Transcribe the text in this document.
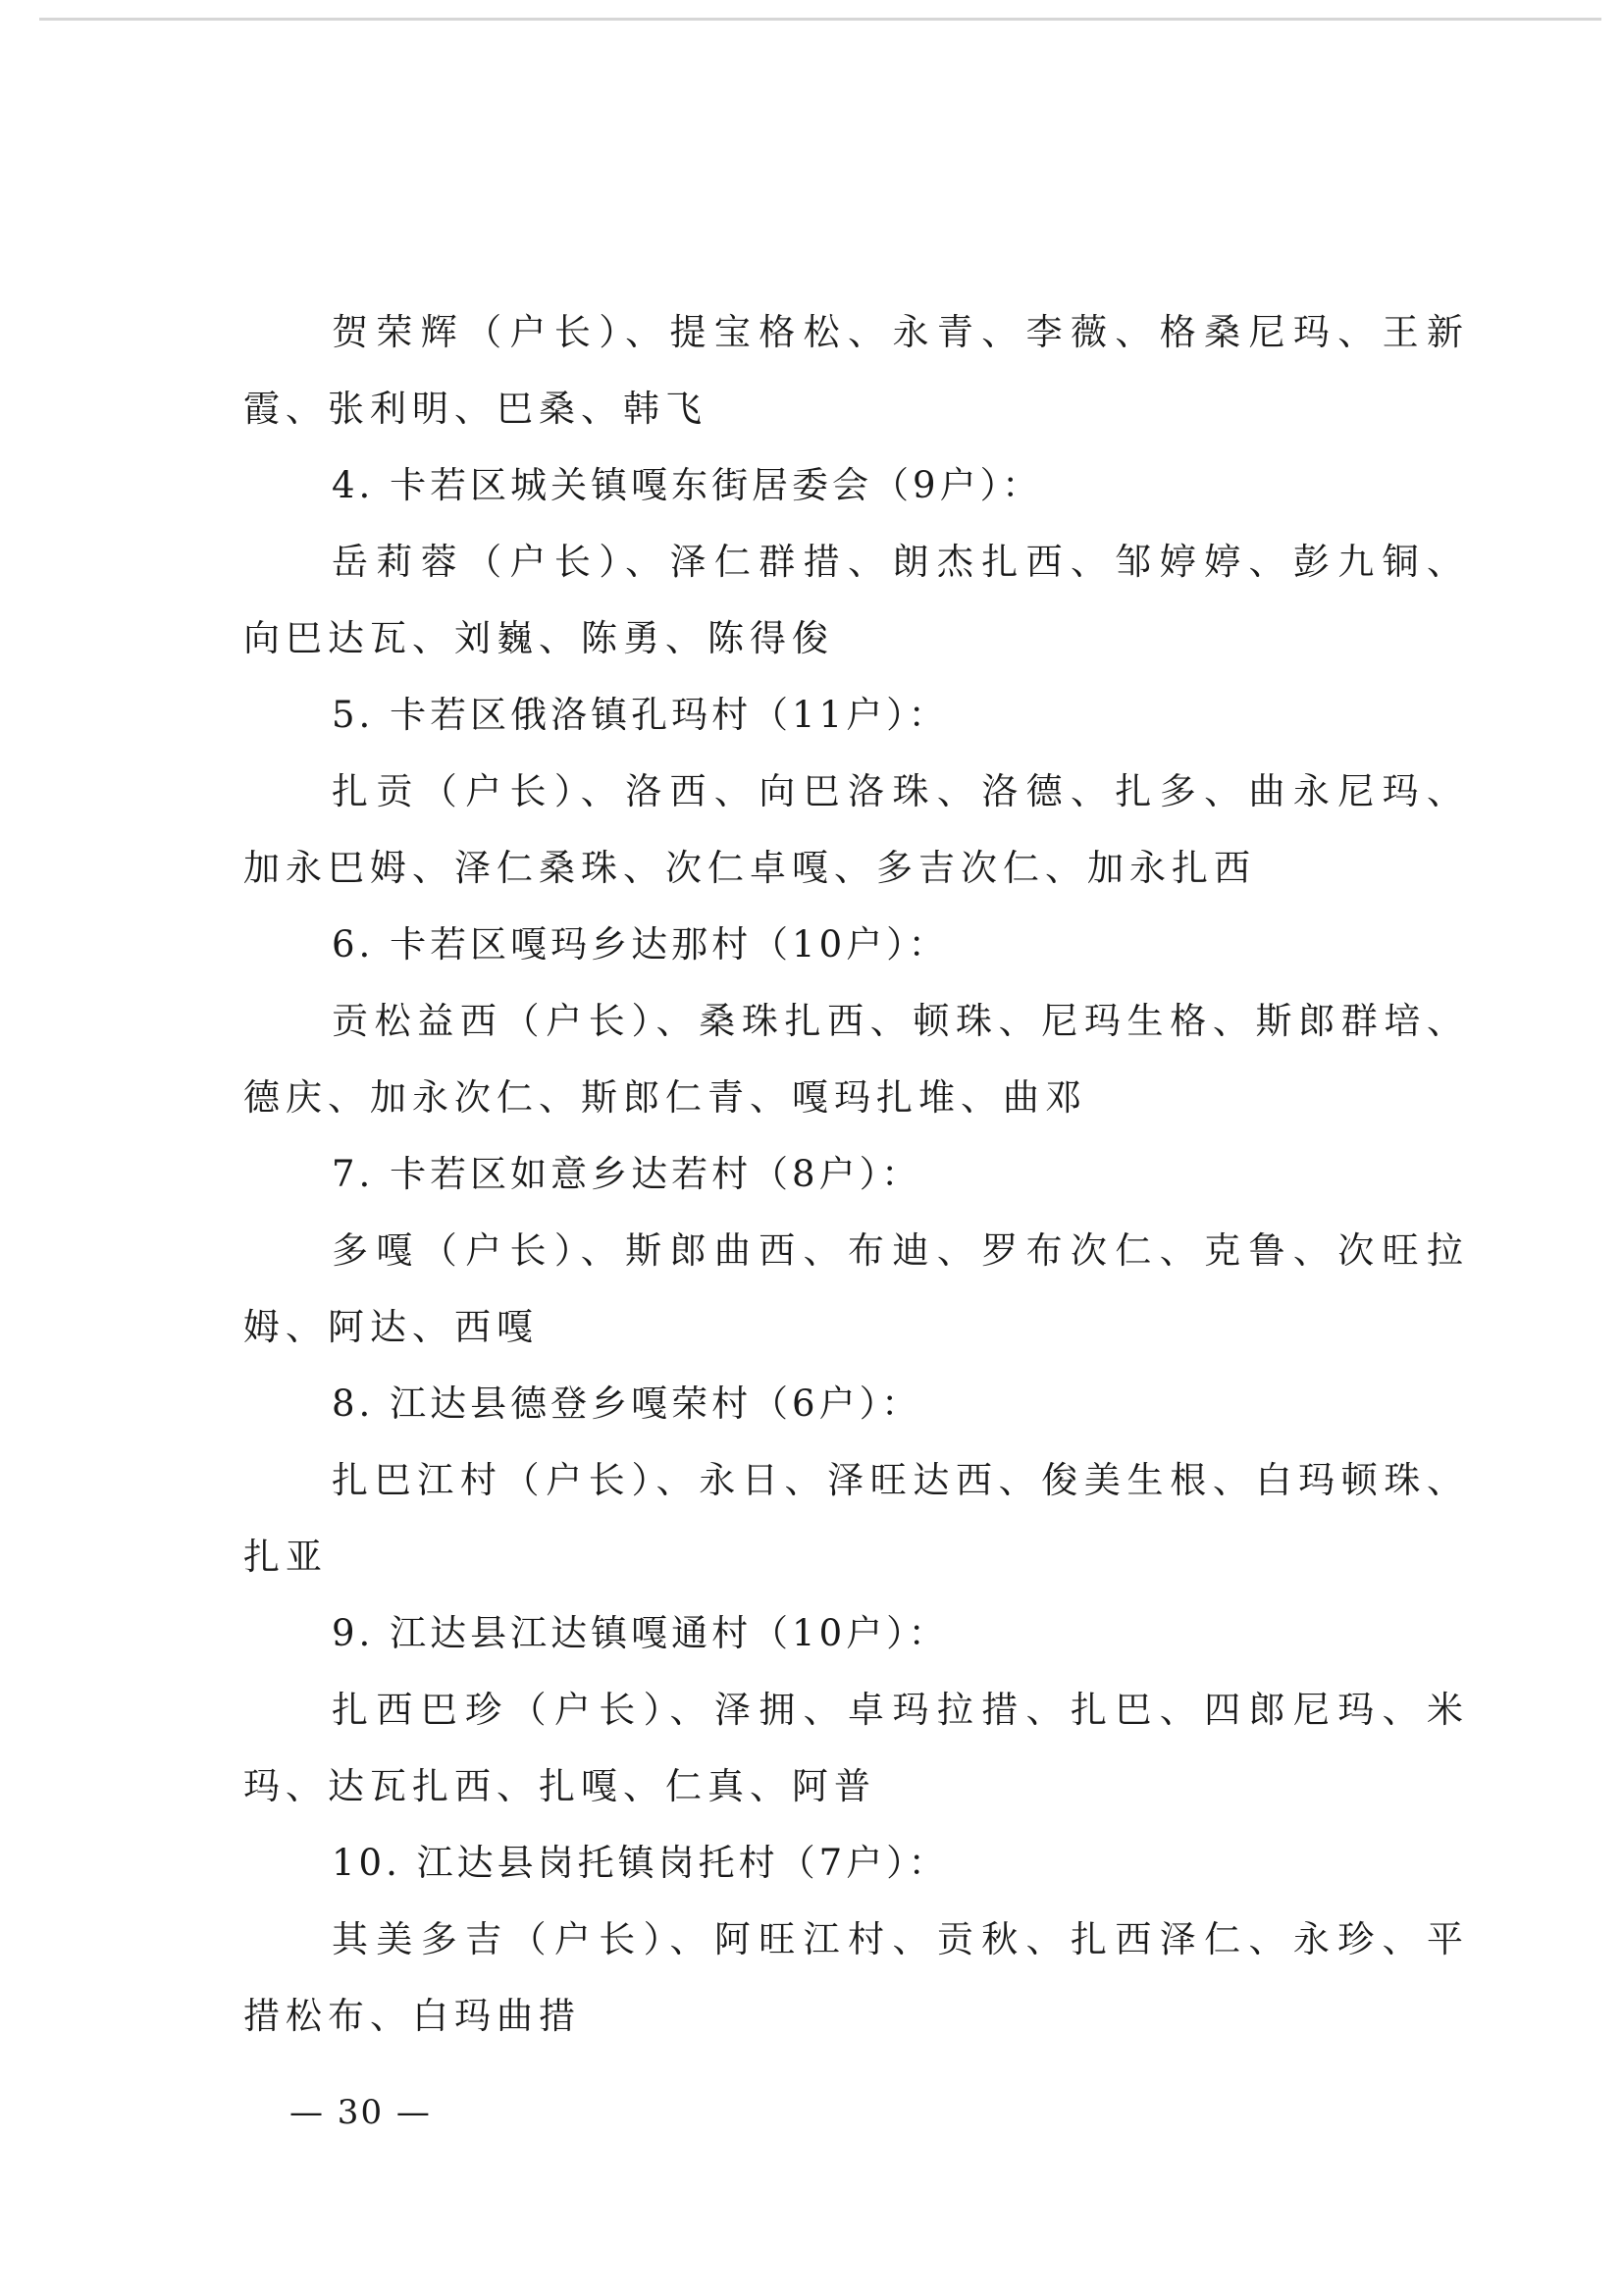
贺荣辉（户长）、提宝格松、永青、李薇、格桑尼玛、王新
霞、张利明、巴桑、韩飞
4. 卡若区城关镇嘎东街居委会（9户）：
岳莉蓉（户长）、泽仁群措、朗杰扎西、邹婷婷、彭九铜、
向巴达瓦、刘巍、陈勇、陈得俊
5. 卡若区俄洛镇孔玛村（11户）：
扎贡（户长）、洛西、向巴洛珠、洛德、扎多、曲永尼玛、
加永巴姆、泽仁桑珠、次仁卓嘎、多吉次仁、加永扎西
6. 卡若区嘎玛乡达那村（10户）：
贡松益西（户长）、桑珠扎西、顿珠、尼玛生格、斯郎群培、
德庆、加永次仁、斯郎仁青、嘎玛扎堆、曲邓
7. 卡若区如意乡达若村（8户）：
多嘎（户长）、斯郎曲西、布迪、罗布次仁、克鲁、次旺拉
姆、阿达、西嘎
8. 江达县德登乡嘎荣村（6户）：
扎巴江村（户长）、永日、泽旺达西、俊美生根、白玛顿珠、
扎亚
9. 江达县江达镇嘎通村（10户）：
扎西巴珍（户长）、泽拥、卓玛拉措、扎巴、四郎尼玛、米
玛、达瓦扎西、扎嘎、仁真、阿普
10. 江达县岗托镇岗托村（7户）：
其美多吉（户长）、阿旺江村、贡秋、扎西泽仁、永珍、平
措松布、白玛曲措
— 30 —
